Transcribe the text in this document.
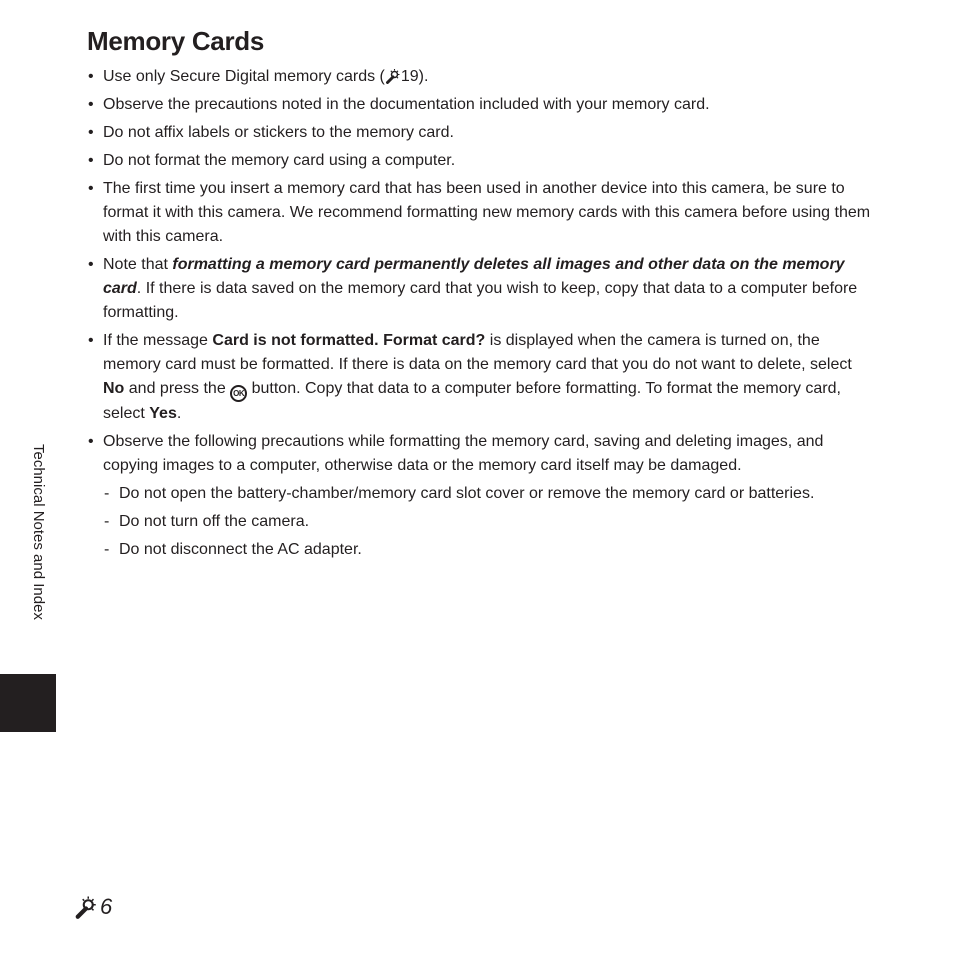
Memory Cards
• Use only Secure Digital memory cards ( 19).
• Observe the precautions noted in the documentation included with your memory card.
• Do not affix labels or stickers to the memory card.
• Do not format the memory card using a computer.
• The first time you insert a memory card that has been used in another device into this camera, be sure to format it with this camera. We recommend formatting new memory cards with this camera before using them with this camera.
• Note that formatting a memory card permanently deletes all images and other data on the memory card. If there is data saved on the memory card that you wish to keep, copy that data to a computer before formatting.
• If the message Card is not formatted. Format card? is displayed when the camera is turned on, the memory card must be formatted. If there is data on the memory card that you do not want to delete, select No and press the OK button. Copy that data to a computer before formatting. To format the memory card, select Yes.
• Observe the following precautions while formatting the memory card, saving and deleting images, and copying images to a computer, otherwise data or the memory card itself may be damaged.
- Do not open the battery-chamber/memory card slot cover or remove the memory card or batteries.
- Do not turn off the camera.
- Do not disconnect the AC adapter.
Technical Notes and Index
6
